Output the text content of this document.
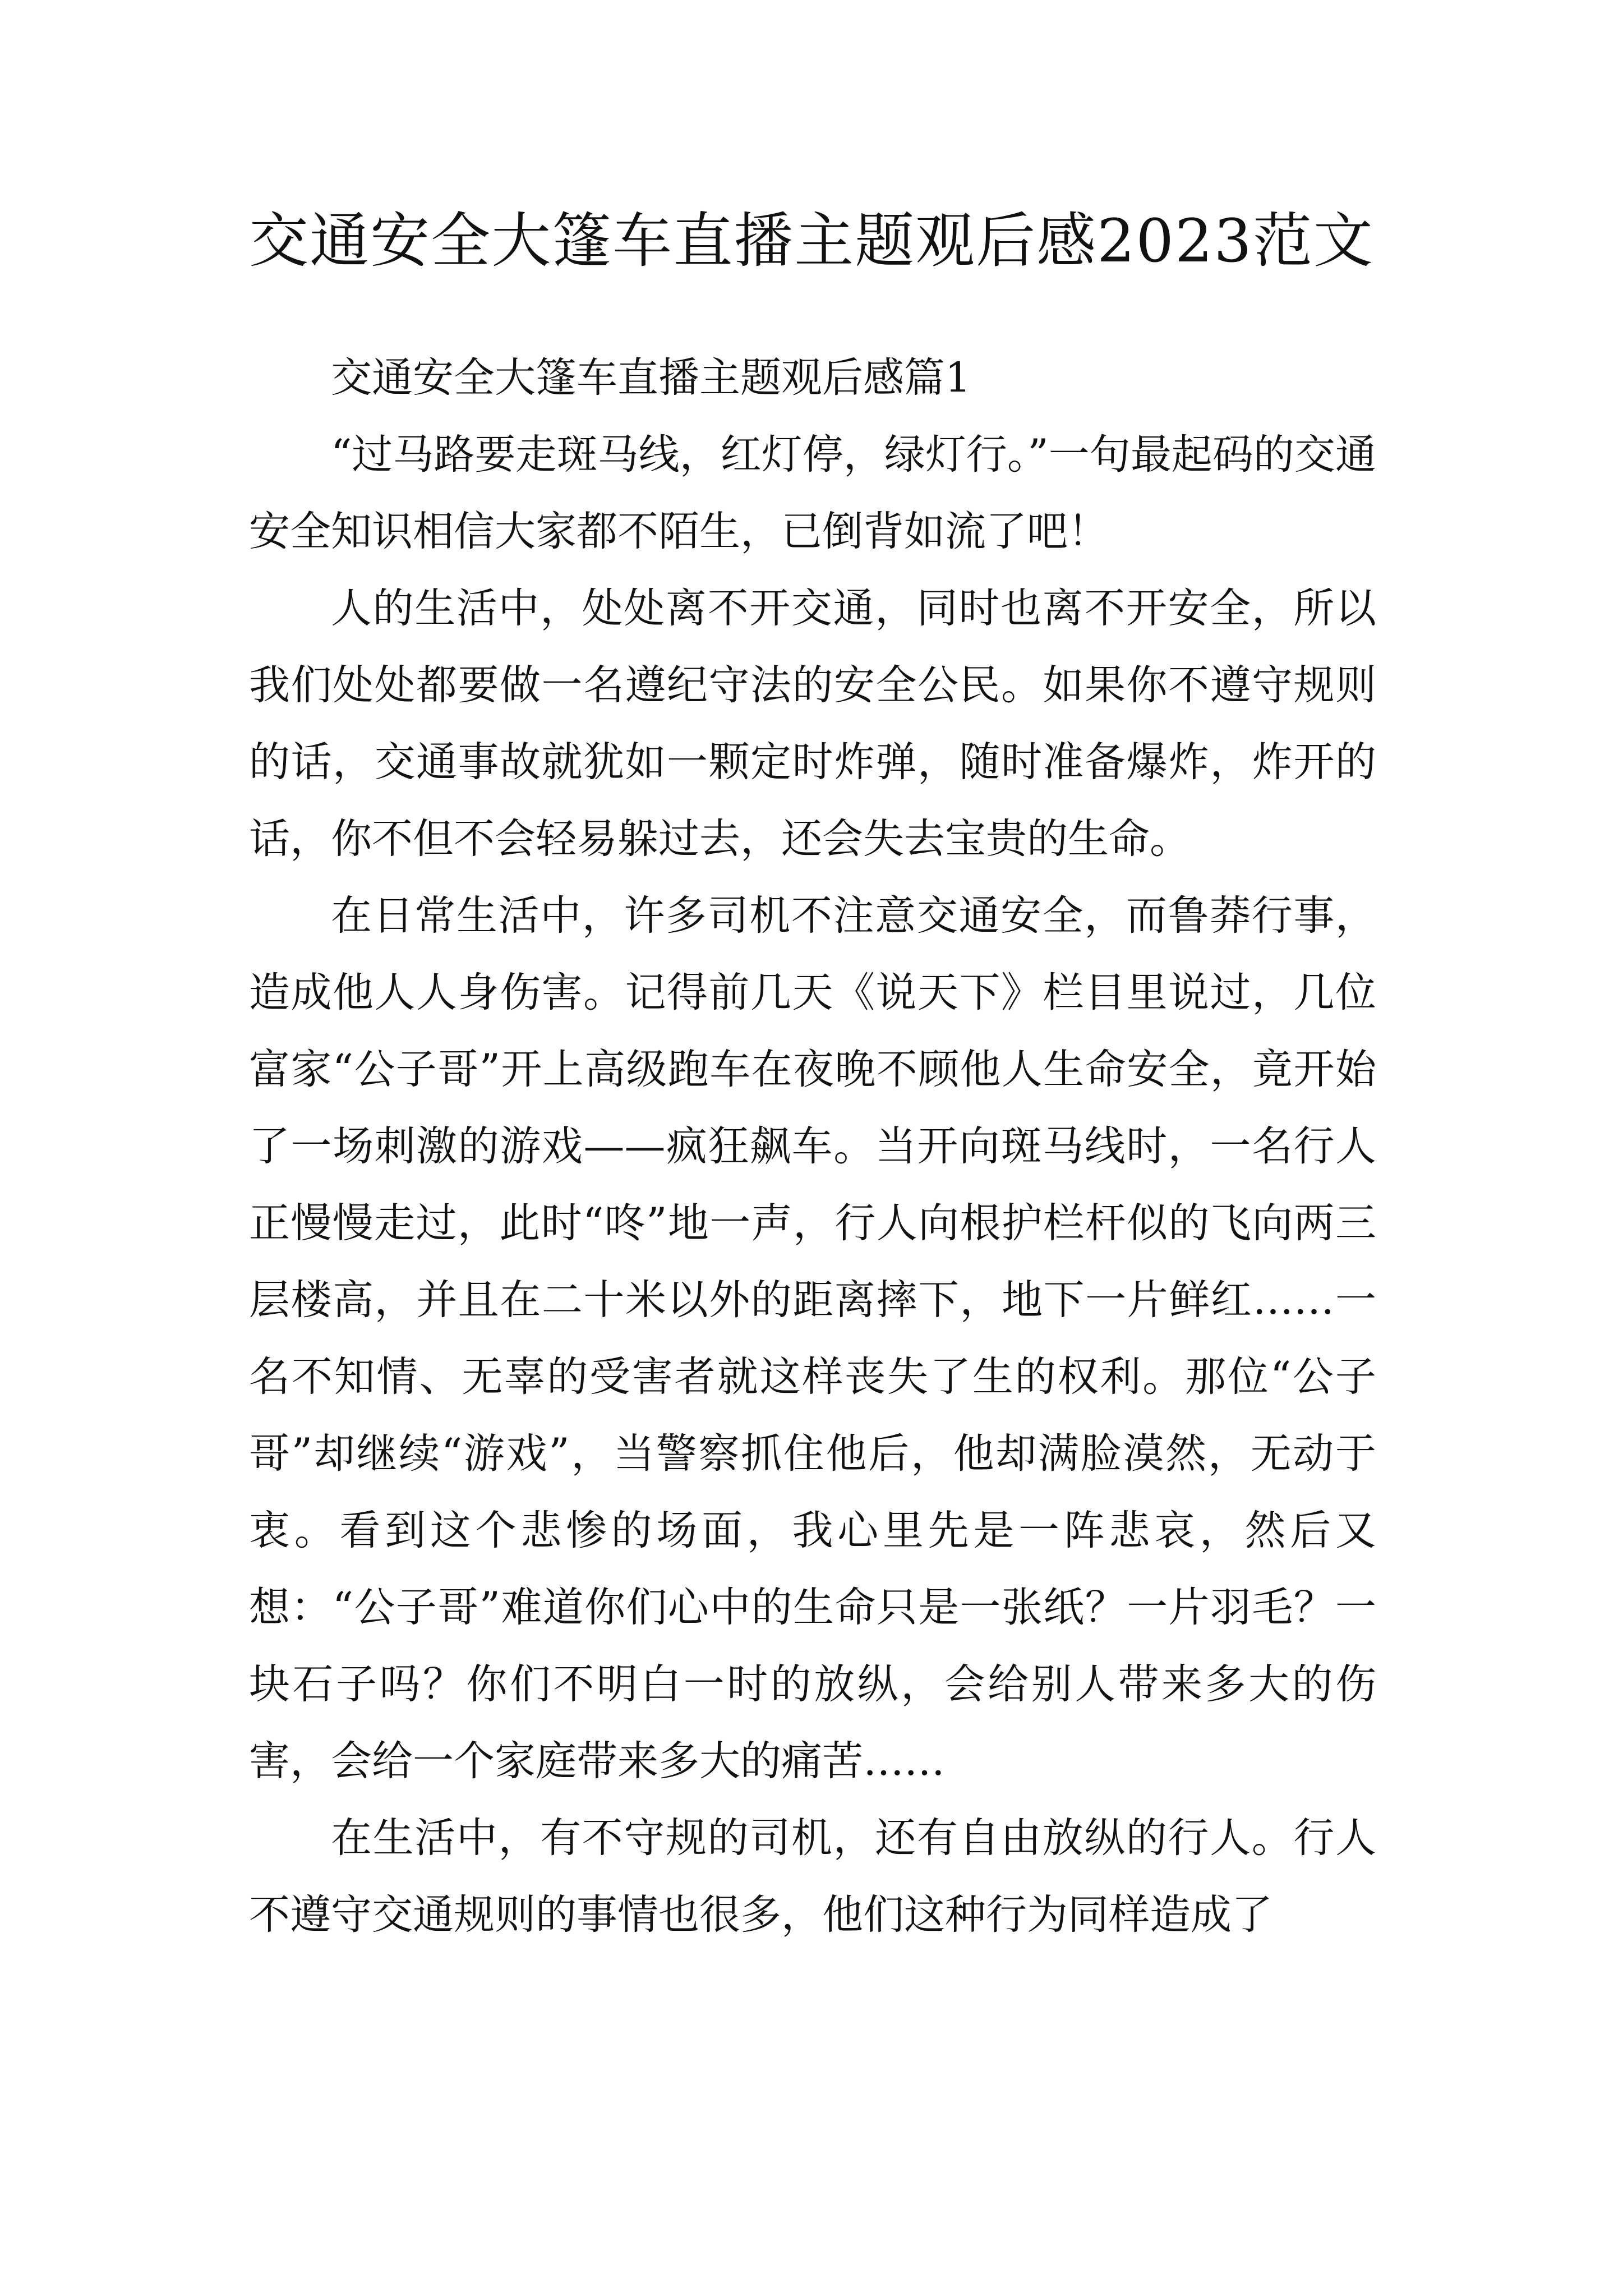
交通安全大篷车直播主题观后感2023范文

交通安全大篷车直播主题观后感篇1

“过马路要走斑马线，红灯停，绿灯行。”一句最起码的交通安全知识相信大家都不陌生，已倒背如流了吧！

人的生活中，处处离不开交通，同时也离不开安全，所以我们处处都要做一名遵纪守法的安全公民。如果你不遵守规则的话，交通事故就犹如一颗定时炸弹，随时准备爆炸，炸开的话，你不但不会轻易躲过去，还会失去宝贵的生命。

在日常生活中，许多司机不注意交通安全，而鲁莽行事，造成他人人身伤害。记得前几天《说天下》栏目里说过，几位富家“公子哥”开上高级跑车在夜晚不顾他人生命安全，竟开始了一场刺激的游戏——疯狂飙车。当开向斑马线时，一名行人正慢慢走过，此时“咚”地一声，行人向根护栏杆似的飞向两三层楼高，并且在二十米以外的距离摔下，地下一片鲜红……一名不知情、无辜的受害者就这样丧失了生的权利。那位“公子哥”却继续“游戏”，当警察抓住他后，他却满脸漠然，无动于衷。看到这个悲惨的场面，我心里先是一阵悲哀，然后又想：“公子哥”难道你们心中的生命只是一张纸？一片羽毛？一块石子吗？你们不明白一时的放纵，会给别人带来多大的伤害，会给一个家庭带来多大的痛苦……

在生活中，有不守规的司机，还有自由放纵的行人。行人不遵守交通规则的事情也很多，他们这种行为同样造成了
